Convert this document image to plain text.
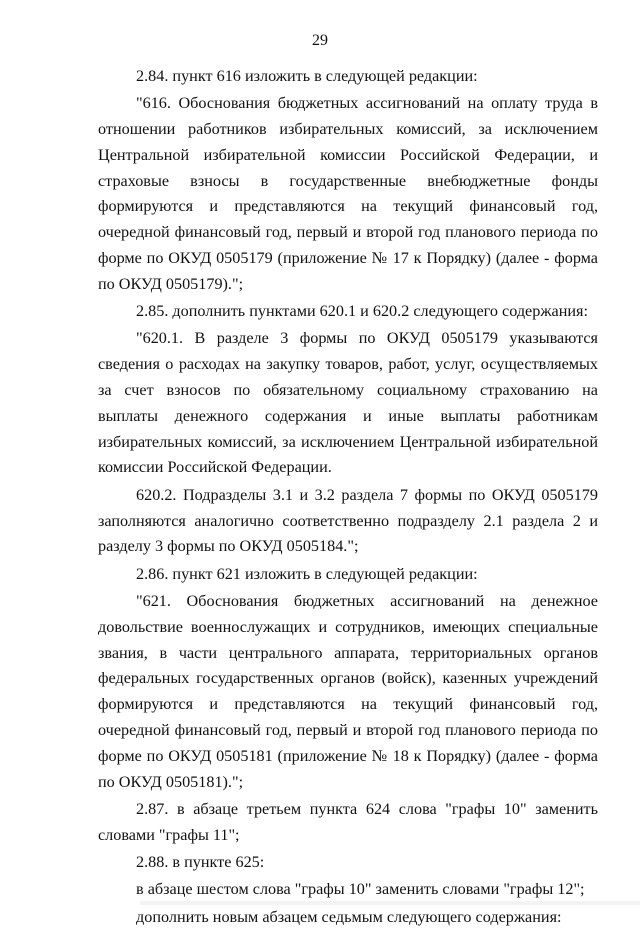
29

2.84. пункт 616 изложить в следующей редакции:

"616. Обоснования бюджетных ассигнований на оплату труда в отношении работников избирательных комиссий, за исключением Центральной избирательной комиссии Российской Федерации, и страховые взносы в государственные внебюджетные фонды формируются и представляются на текущий финансовый год, очередной финансовый год, первый и второй год планового периода по форме по ОКУД 0505179 (приложение № 17 к Порядку) (далее - форма по ОКУД 0505179).";

2.85. дополнить пунктами 620.1 и 620.2 следующего содержания:

"620.1. В разделе 3 формы по ОКУД 0505179 указываются сведения о расходах на закупку товаров, работ, услуг, осуществляемых за счет взносов по обязательному социальному страхованию на выплаты денежного содержания и иные выплаты работникам избирательных комиссий, за исключением Центральной избирательной комиссии Российской Федерации.

620.2. Подразделы 3.1 и 3.2 раздела 7 формы по ОКУД 0505179 заполняются аналогично соответственно подразделу 2.1 раздела 2 и разделу 3 формы по ОКУД 0505184.";

2.86. пункт 621 изложить в следующей редакции:

"621. Обоснования бюджетных ассигнований на денежное довольствие военнослужащих и сотрудников, имеющих специальные звания, в части центрального аппарата, территориальных органов федеральных государственных органов (войск), казенных учреждений формируются и представляются на текущий финансовый год, очередной финансовый год, первый и второй год планового периода по форме по ОКУД 0505181 (приложение № 18 к Порядку) (далее - форма по ОКУД 0505181).";

2.87. в абзаце третьем пункта 624 слова "графы 10" заменить словами "графы 11";

2.88. в пункте 625:

в абзаце шестом слова "графы 10" заменить словами "графы 12";

дополнить новым абзацем седьмым следующего содержания:
